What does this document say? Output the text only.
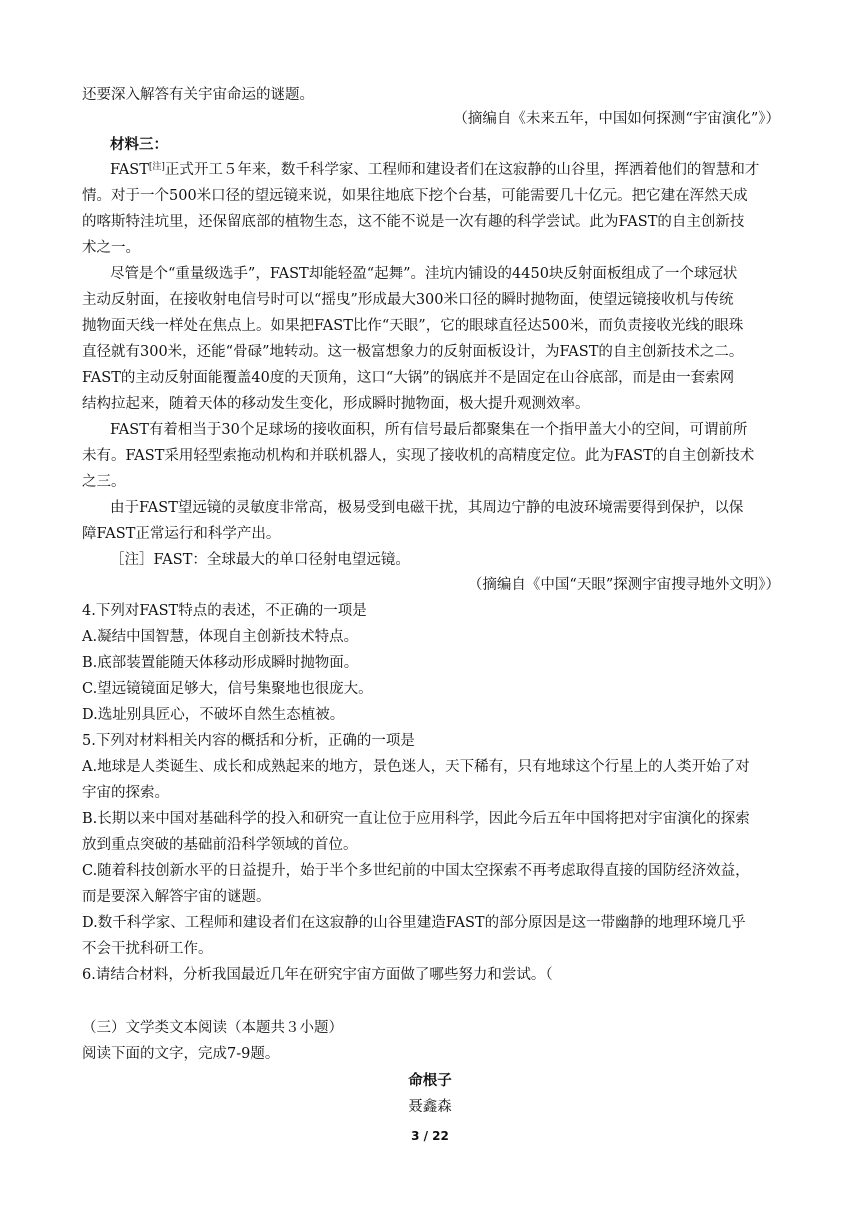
还要深入解答有关宇宙命运的谜题。
（摘编自《未来五年，中国如何探测“宇宙演化”》）
材料三：
FAST[注]正式开工５年来，数千科学家、工程师和建设者们在这寂静的山谷里，挥洒着他们的智慧和才
情。对于一个500米口径的望远镜来说，如果往地底下挖个台基，可能需要几十亿元。把它建在浑然天成
的喀斯特洼坑里，还保留底部的植物生态，这不能不说是一次有趣的科学尝试。此为FAST的自主创新技
术之一。
尽管是个“重量级选手”，FAST却能轻盈“起舞”。洼坑内铺设的4450块反射面板组成了一个球冠状
主动反射面，在接收射电信号时可以“摇曳”形成最大300米口径的瞬时抛物面，使望远镜接收机与传统
抛物面天线一样处在焦点上。如果把FAST比作“天眼”，它的眼球直径达500米，而负责接收光线的眼珠
直径就有300米，还能“骨碌”地转动。这一极富想象力的反射面板设计，为FAST的自主创新技术之二。
FAST的主动反射面能覆盖40度的天顶角，这口“大锅”的锅底并不是固定在山谷底部，而是由一套索网
结构拉起来，随着天体的移动发生变化，形成瞬时抛物面，极大提升观测效率。
FAST有着相当于30个足球场的接收面积，所有信号最后都聚集在一个指甲盖大小的空间，可谓前所
未有。FAST采用轻型索拖动机构和并联机器人，实现了接收机的高精度定位。此为FAST的自主创新技术
之三。
由于FAST望远镜的灵敏度非常高，极易受到电磁干扰，其周边宁静的电波环境需要得到保护，以保
障FAST正常运行和科学产出。
［注］FAST：全球最大的单口径射电望远镜。
（摘编自《中国“天眼”探测宇宙搜寻地外文明》）
4.下列对FAST特点的表述，不正确的一项是
A.凝结中国智慧，体现自主创新技术特点。
B.底部装置能随天体移动形成瞬时抛物面。
C.望远镜镜面足够大，信号集聚地也很庞大。
D.选址别具匠心，不破坏自然生态植被。
5.下列对材料相关内容的概括和分析，正确的一项是
A.地球是人类诞生、成长和成熟起来的地方，景色迷人，天下稀有，只有地球这个行星上的人类开始了对
宇宙的探索。
B.长期以来中国对基础科学的投入和研究一直让位于应用科学，因此今后五年中国将把对宇宙演化的探索
放到重点突破的基础前沿科学领域的首位。
C.随着科技创新水平的日益提升，始于半个多世纪前的中国太空探索不再考虑取得直接的国防经济效益，
而是要深入解答宇宙的谜题。
D.数千科学家、工程师和建设者们在这寂静的山谷里建造FAST的部分原因是这一带幽静的地理环境几乎
不会干扰科研工作。
6.请结合材料，分析我国最近几年在研究宇宙方面做了哪些努力和尝试。（
（三）文学类文本阅读（本题共３小题）
阅读下面的文字，完成7-9题。
命根子
聂鑫森
3 / 22
